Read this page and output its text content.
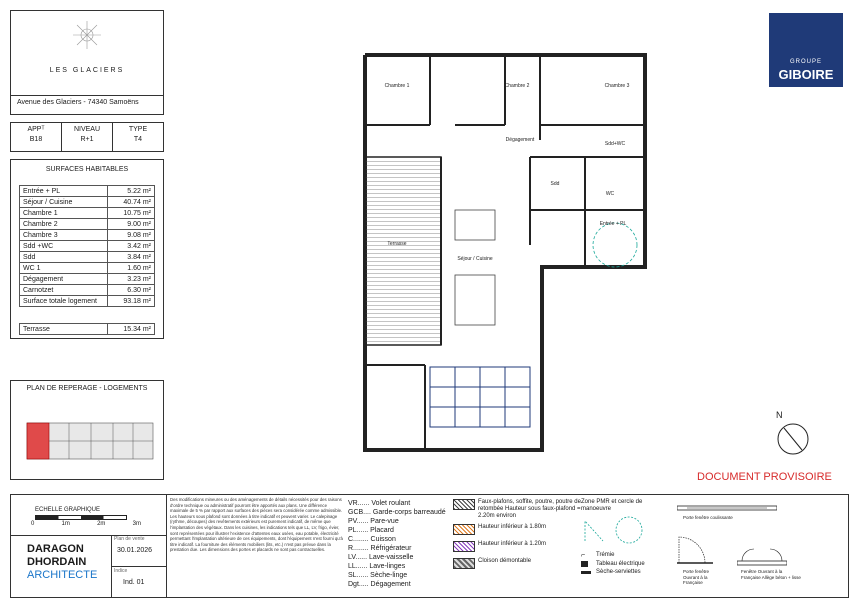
LES GLACIERS
Avenue des Glaciers - 74340 Samoëns
APPᵀ
B18
NIVEAU
R+1
TYPE
T4
SURFACES HABITABLES
Entrée + PL	5.22 m²
Séjour / Cuisine	40.74 m²
Chambre 1	10.75 m²
Chambre 2	9.00 m²
Chambre 3	9.08 m²
Sdd +WC	3.42 m²
Sdd	3.84 m²
WC 1	1.60 m²
Dégagement	3.23 m²
Carnotzet	6.30 m²
Surface totale logement	93.18 m²
Terrasse	15.34 m²
PLAN DE REPERAGE - LOGEMENTS
GROUPE
GIBOIRE
Chambre 1	Chambre 2	Chambre 3
Dégagement
Séjour / Cuisine
Terrasse
Sdd+WC
Sdd
WC
Entrée + PL
N
DOCUMENT PROVISOIRE
ECHELLE GRAPHIQUE
0	1m	2m	3m
DARAGON
DHORDAIN
ARCHITECTE
Plan de vente
30.01.2026
Indice
Ind. 01
Des modifications mineures ou des aménagements de détails nécessités pour des raisons d'ordre technique ou administratif pourront être apportés aux plans. Une différence maximale de 5 % par rapport aux surfaces des pièces sera considérée comme admissible. Les hauteurs sous plafond sont données à titre indicatif et peuvent varier. Le calepinage (rythme, découpes) des revêtements extérieurs est purement indicatif, de même que l'implantation des végétaux. Dans les cuisines, les indications tels que LL, LV, frigo, évier, sont représentées pour illustrer l'existence d'attentes eaux usées, eau potable, électricité permettant l'implantation ultérieure de ces équipements, dont l'équipement n'est fourni qu'à titre indicatif. La fourniture des éléments mobiliers (lits, etc.) n'est pas prévue dans la prestation due. Les dimensions des portes et placards ne sont pas contractuelles.
VR...... Volet roulant
GCB.... Garde-corps barreaudé
PV...... Pare-vue
PL...... Placard
C........ Cuisson
R........ Réfrigérateur
LV...... Lave-vaisselle
LL...... Lave-linges
SL...... Sèche-linge
Dgt..... Dégagement
Faux-plafons, soffite, poutre, poutre de retombée Hauteur sous faux-plafond = 2.20m environ
Hauteur inférieur à 1.80m
Hauteur inférieur à 1.20m
Cloison démontable
Zone PMR et cercle de manoeuvre
⌐	Trémie
Tableau électrique
Sèche-serviettes
Porte fenêtre coulissante
Porte fenêtre Ouvrant à la Française
Fenêtre Ouvrant à la Française Allège béton + lisse
